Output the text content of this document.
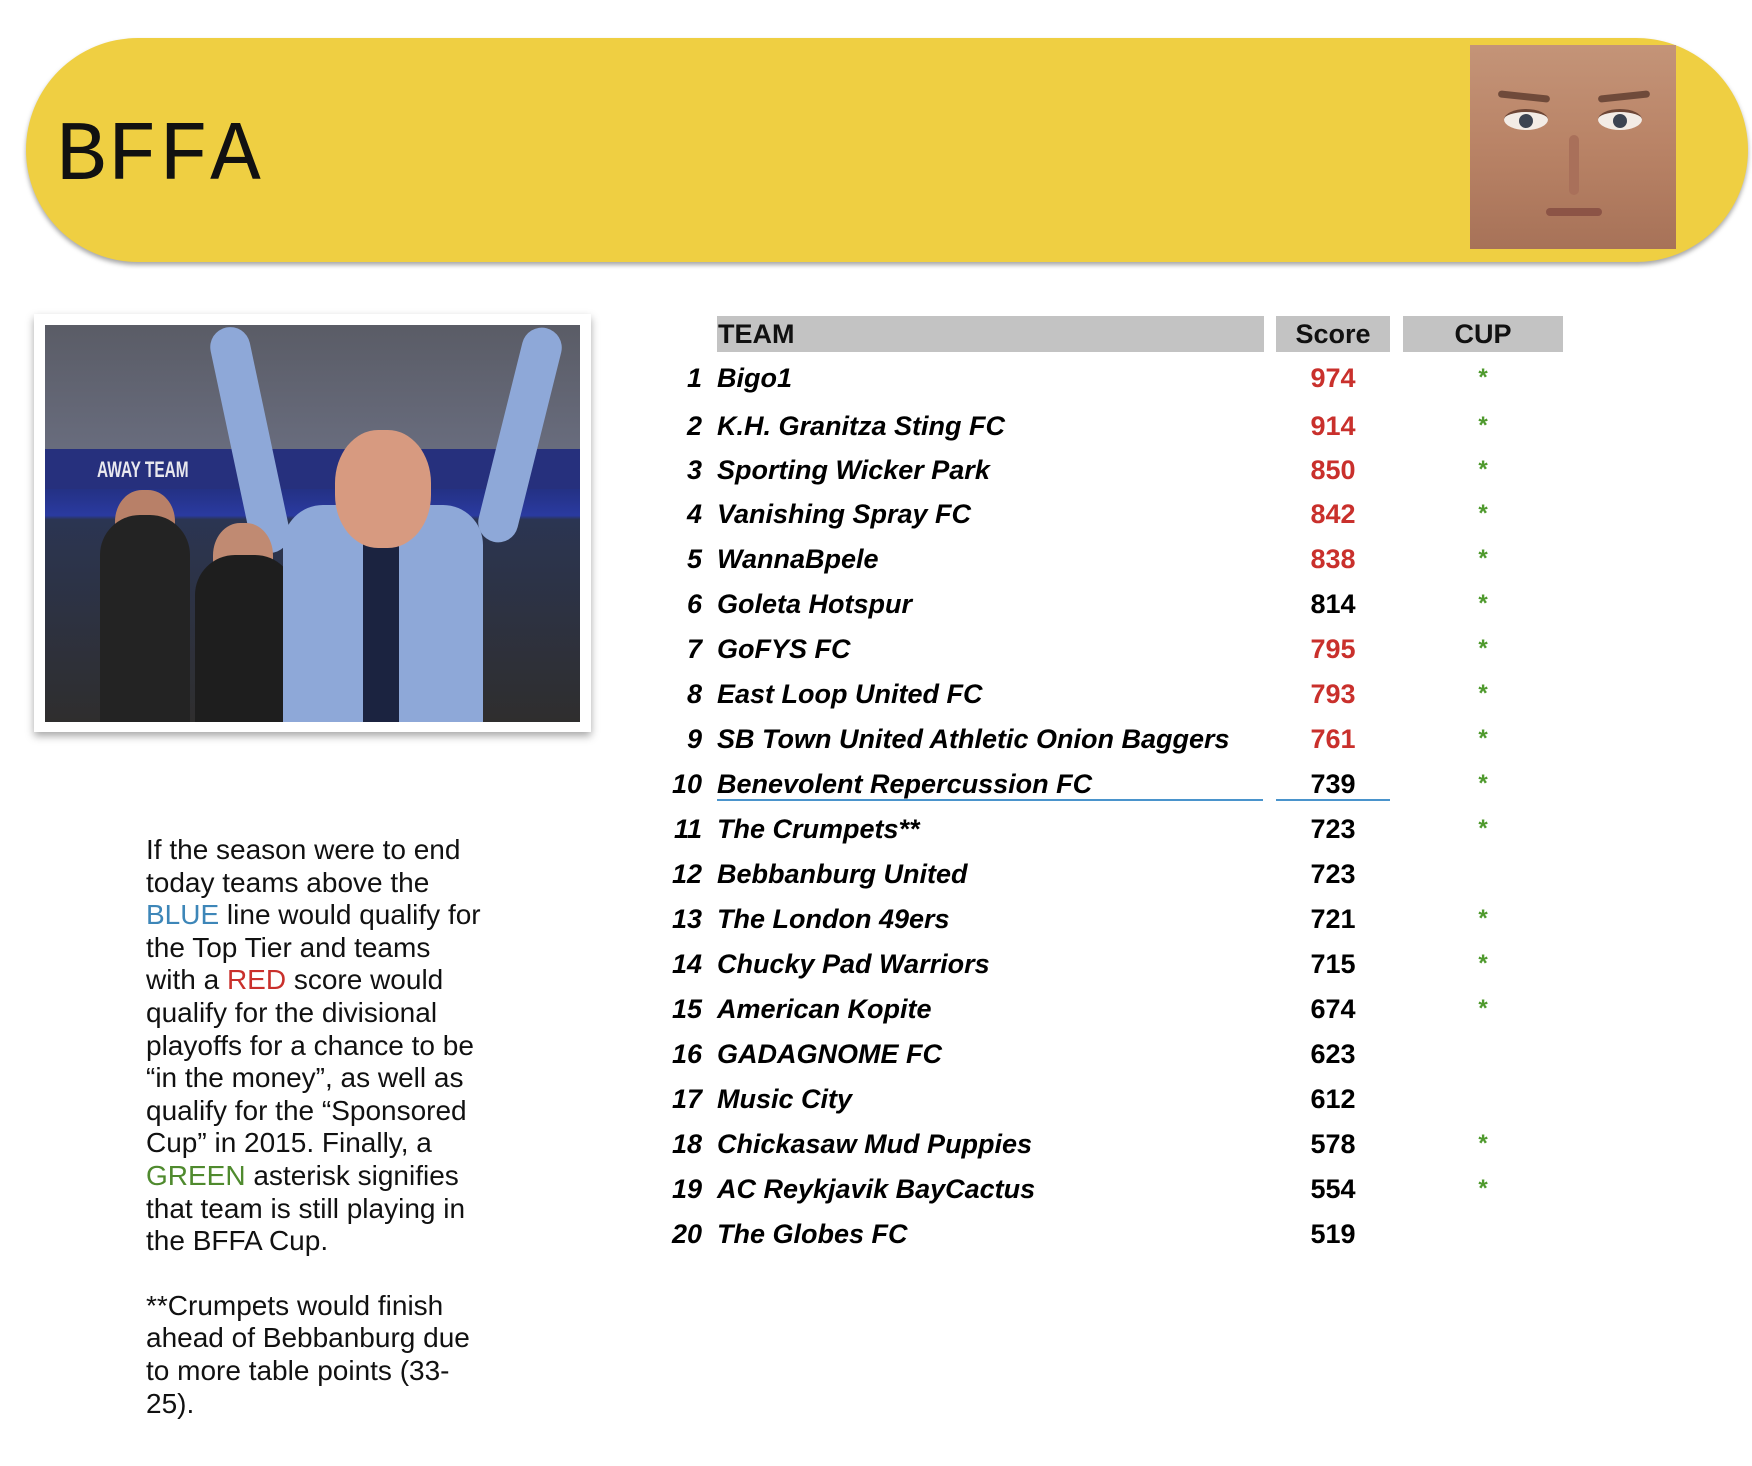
BFFA
AWAY TEAM

If the season were to end today teams above the BLUE line would qualify for the Top Tier and teams with a RED score would qualify for the divisional playoffs for a chance to be “in the money”, as well as qualify for the “Sponsored Cup” in 2015. Finally, a GREEN asterisk signifies that team is still playing in the BFFA Cup.

**Crumpets would finish ahead of Bebbanburg due to more table points (33-25).

TEAM	Score	CUP
1 Bigo1	974	*
2 K.H. Granitza Sting FC	914	*
3 Sporting Wicker Park	850	*
4 Vanishing Spray FC	842	*
5 WannaBpele	838	*
6 Goleta Hotspur	814	*
7 GoFYS FC	795	*
8 East Loop United FC	793	*
9 SB Town United Athletic Onion Baggers	761	*
10 Benevolent Repercussion FC	739	*
11 The Crumpets**	723	*
12 Bebbanburg United	723
13 The London 49ers	721	*
14 Chucky Pad Warriors	715	*
15 American Kopite	674	*
16 GADAGNOME FC	623
17 Music City	612
18 Chickasaw Mud Puppies	578	*
19 AC Reykjavik BayCactus	554	*
20 The Globes FC	519
